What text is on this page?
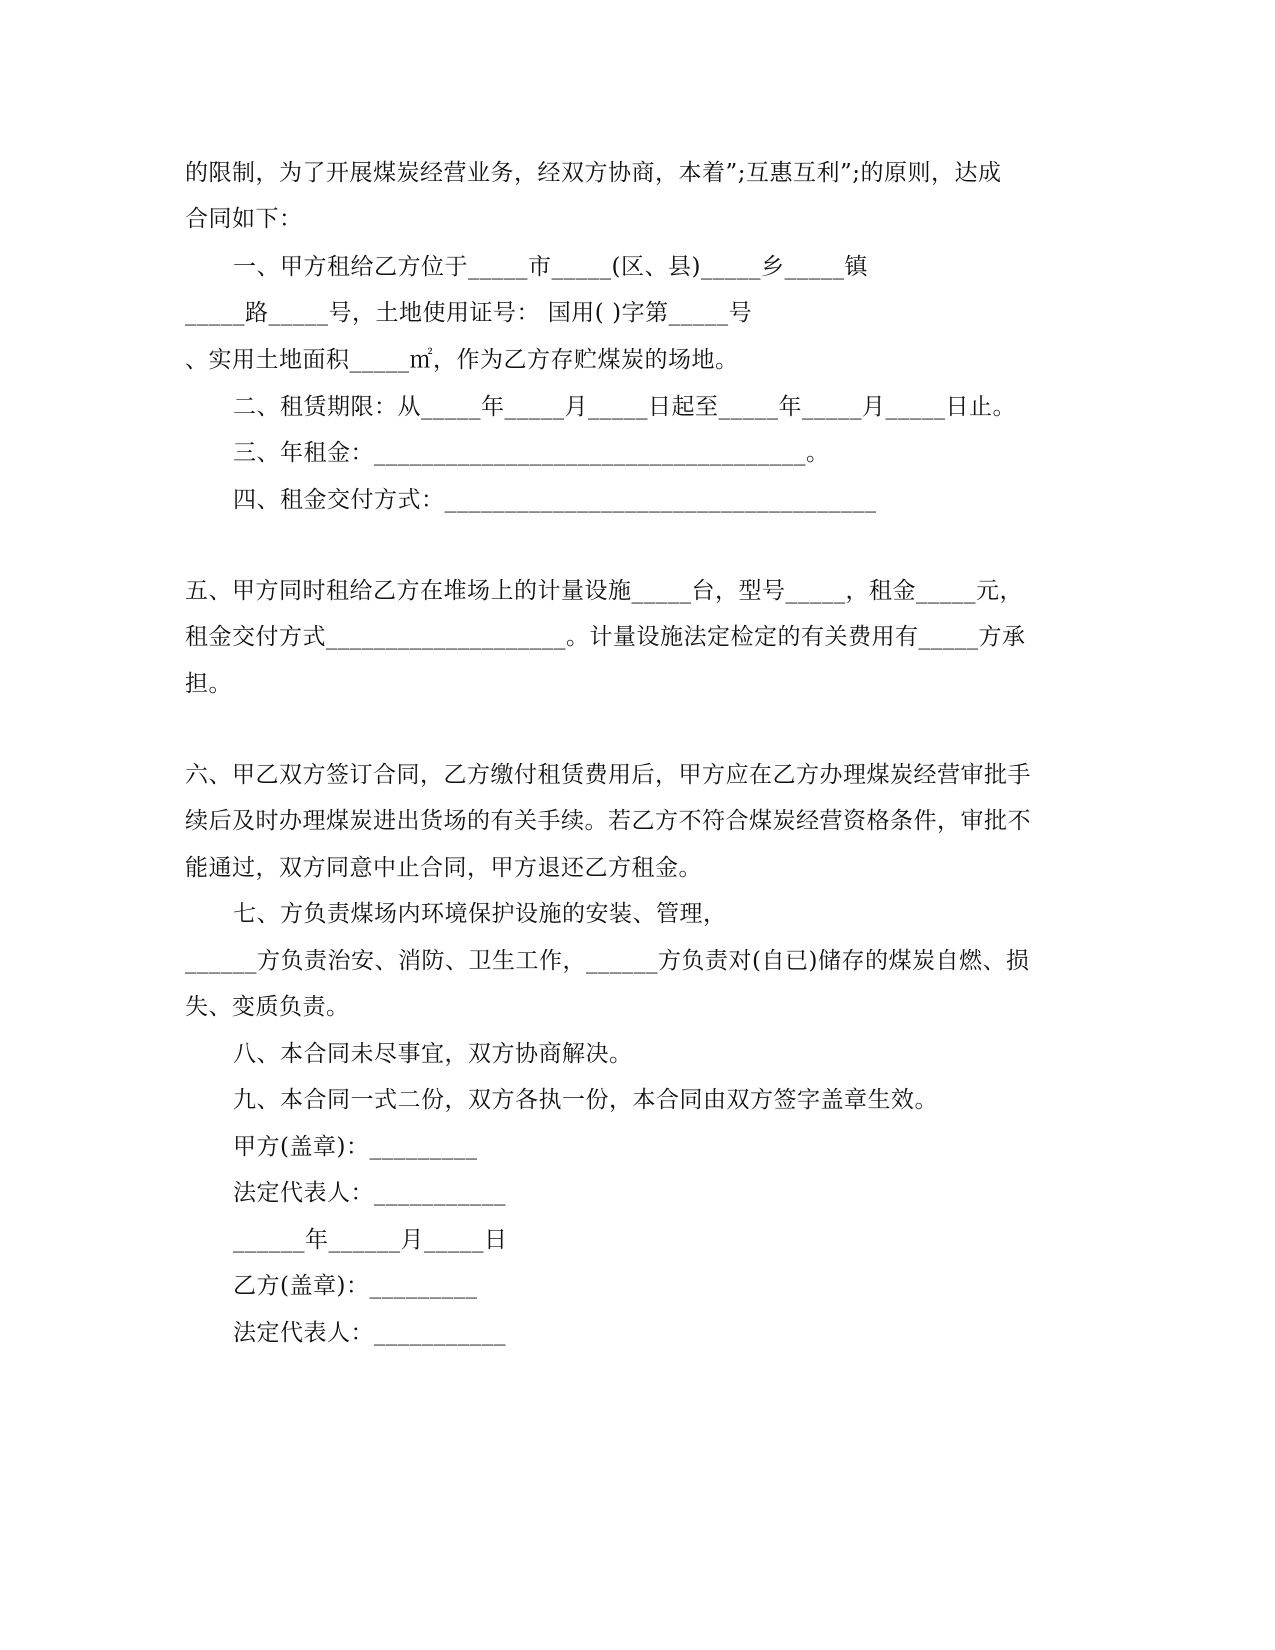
的限制，为了开展煤炭经营业务，经双方协商，本着”;互惠互利”;的原则，达成
合同如下：
一、甲方租给乙方位于_____市_____(区、县)_____乡_____镇
_____路_____号，土地使用证号： 国用( )字第_____号
、实用土地面积_____㎡，作为乙方存贮煤炭的场地。
二、租赁期限：从_____年_____月_____日起至_____年_____月_____日止。
三、年租金：____________________________________。
四、租金交付方式：____________________________________
五、甲方同时租给乙方在堆场上的计量设施_____台，型号_____，租金_____元，
租金交付方式____________________。计量设施法定检定的有关费用有_____方承
担。
六、甲乙双方签订合同，乙方缴付租赁费用后，甲方应在乙方办理煤炭经营审批手
续后及时办理煤炭进出货场的有关手续。若乙方不符合煤炭经营资格条件，审批不
能通过，双方同意中止合同，甲方退还乙方租金。
七、方负责煤场内环境保护设施的安装、管理，
______方负责治安、消防、卫生工作，______方负责对(自已)储存的煤炭自燃、损
失、变质负责。
八、本合同未尽事宜，双方协商解决。
九、本合同一式二份，双方各执一份，本合同由双方签字盖章生效。
甲方(盖章)：_________
法定代表人：___________
______年______月_____日
乙方(盖章)：_________
法定代表人：___________
